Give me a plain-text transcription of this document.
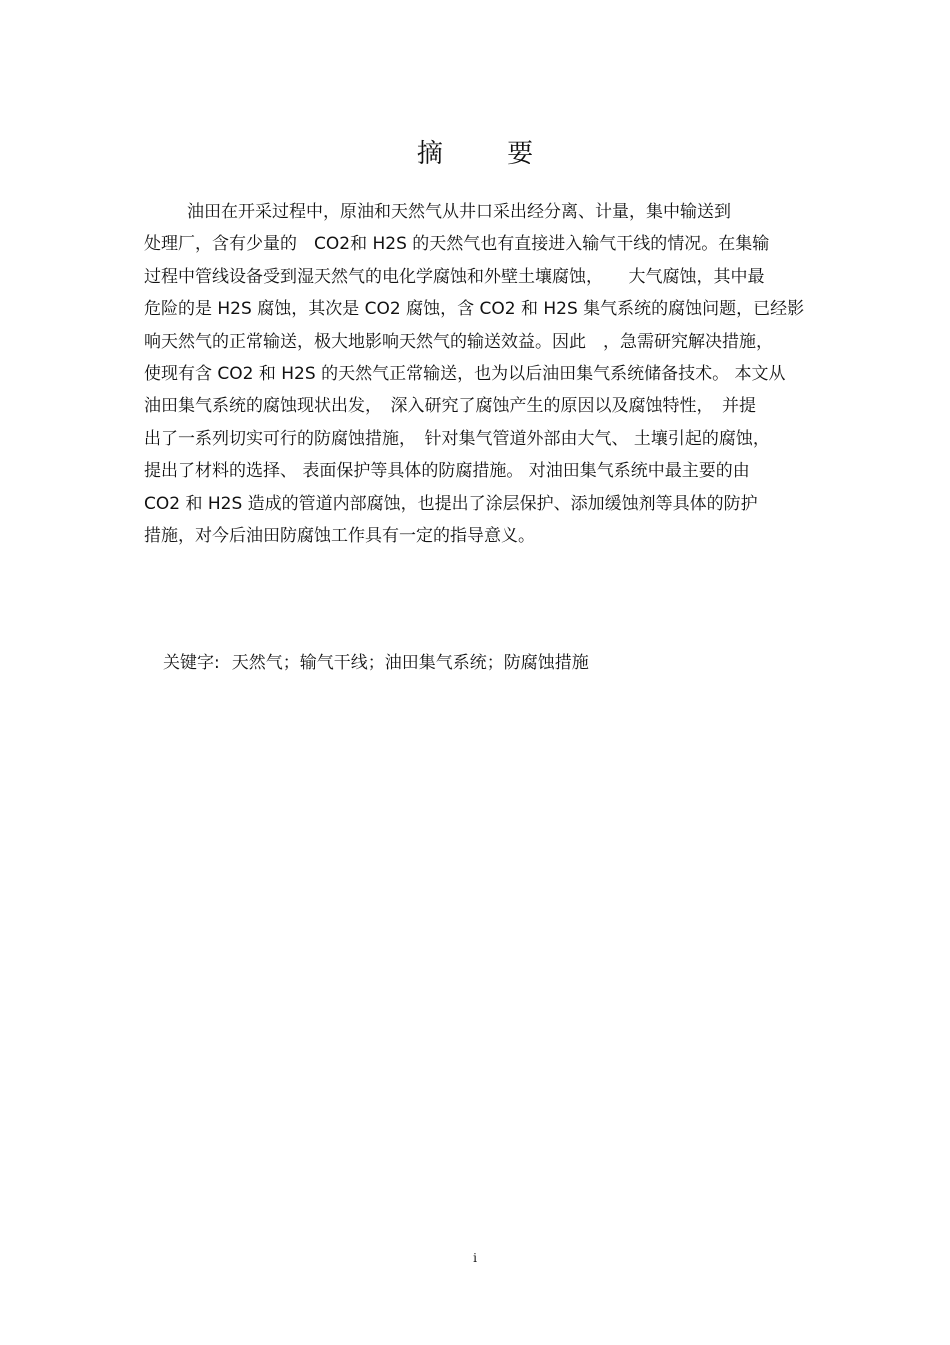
摘 要
油田在开采过程中，原油和天然气从井口采出经分离、计量，集中输送到
处理厂，含有少量的　CO2和 H2S 的天然气也有直接进入输气干线的情况。在集输
过程中管线设备受到湿天然气的电化学腐蚀和外壁土壤腐蚀，　　大气腐蚀，其中最
危险的是 H2S 腐蚀，其次是 CO2 腐蚀，含 CO2 和 H2S 集气系统的腐蚀问题，已经影
响天然气的正常输送，极大地影响天然气的输送效益。因此　，急需研究解决措施，
使现有含 CO2 和 H2S 的天然气正常输送，也为以后油田集气系统储备技术。 本文从
油田集气系统的腐蚀现状出发，　深入研究了腐蚀产生的原因以及腐蚀特性，　并提
出了一系列切实可行的防腐蚀措施，　针对集气管道外部由大气、 土壤引起的腐蚀，
提出了材料的选择、 表面保护等具体的防腐措施。 对油田集气系统中最主要的由
CO2 和 H2S 造成的管道内部腐蚀，也提出了涂层保护、添加缓蚀剂等具体的防护
措施，对今后油田防腐蚀工作具有一定的指导意义。

关键字: 天然气；输气干线；油田集气系统；防腐蚀措施

i
